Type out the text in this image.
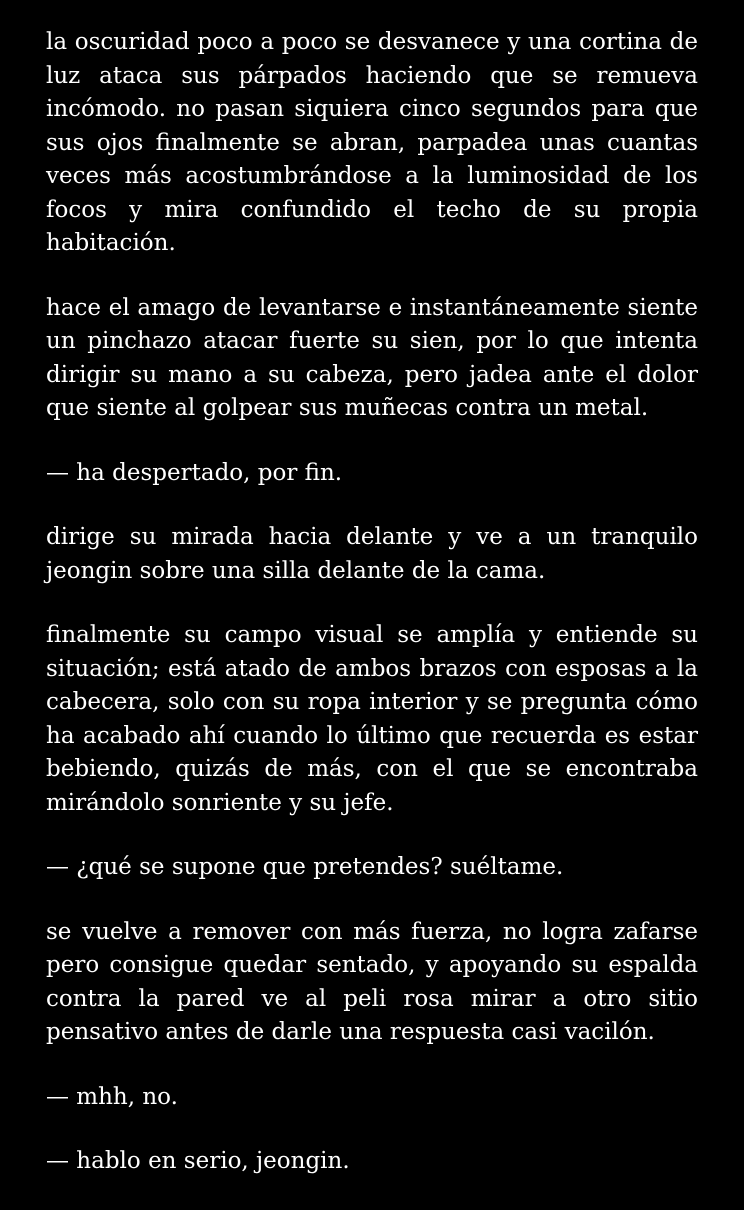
la oscuridad poco a poco se desvanece y una cortina de luz ataca sus párpados haciendo que se remueva incómodo. no pasan siquiera cinco segundos para que sus ojos finalmente se abran, parpadea unas cuantas veces más acostumbrándose a la luminosidad de los focos y mira confundido el techo de su propia habitación.

hace el amago de levantarse e instantáneamente siente un pinchazo atacar fuerte su sien, por lo que intenta dirigir su mano a su cabeza, pero jadea ante el dolor que siente al golpear sus muñecas contra un metal.

— ha despertado, por fin.

dirige su mirada hacia delante y ve a un tranquilo jeongin sobre una silla delante de la cama.

finalmente su campo visual se amplía y entiende su situación; está atado de ambos brazos con esposas a la cabecera, solo con su ropa interior y se pregunta cómo ha acabado ahí cuando lo último que recuerda es estar bebiendo, quizás de más, con el que se encontraba mirándolo sonriente y su jefe.

— ¿qué se supone que pretendes? suéltame.

se vuelve a remover con más fuerza, no logra zafarse pero consigue quedar sentado, y apoyando su espalda contra la pared ve al peli rosa mirar a otro sitio pensativo antes de darle una respuesta casi vacilón.

— mhh, no.

— hablo en serio, jeongin.
